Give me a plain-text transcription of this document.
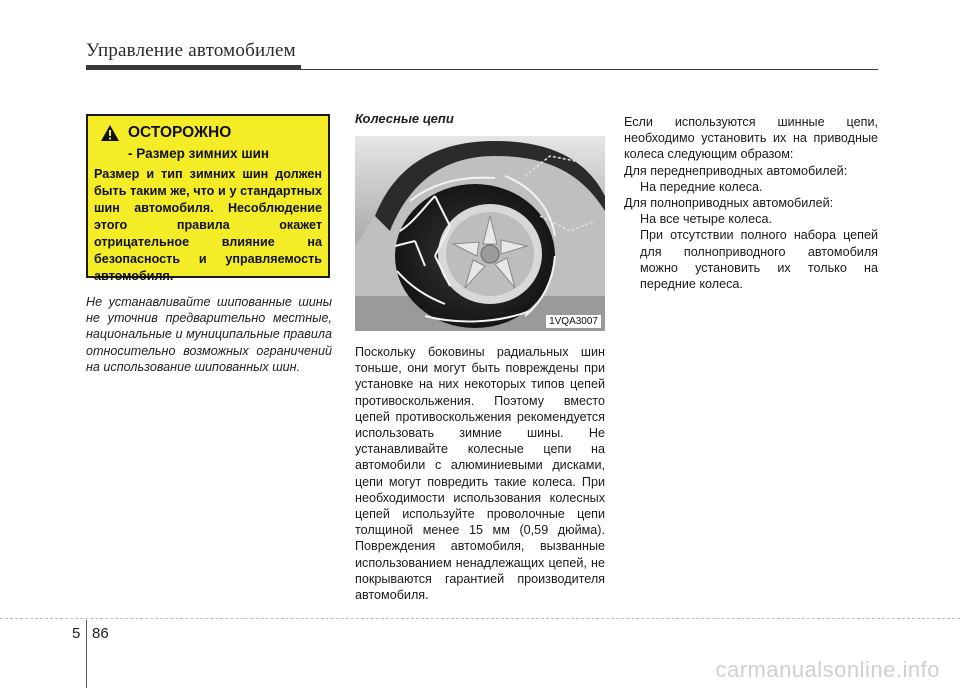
Управление автомобилем
ОСТОРОЖНО
- Размер зимних шин
Размер и тип зимних шин должен быть таким же, что и у стандартных шин автомобиля. Несоблюдение этого правила окажет отрицательное влияние на безопасность и управляемость автомобиля.
Не устанавливайте шипованные шины не уточнив предварительно местные, национальные и муниципальные правила относительно возможных ограничений на использование шипованных шин.
Колесные цепи
1VQA3007
Поскольку боковины радиальных шин тоньше, они могут быть повреждены при установке на них некоторых типов цепей противоскольжения. Поэтому вместо цепей противоскольжения рекомендуется использовать зимние шины. Не устанавливайте колесные цепи на автомобили с алюминиевыми дисками, цепи могут повредить такие колеса. При необходимости использования колесных цепей используйте проволочные цепи толщиной менее 15 мм (0,59 дюйма). Повреждения автомобиля, вызванные использованием ненадлежащих цепей, не покрываются гарантией производителя автомобиля.

Если используются шинные цепи, необходимо установить их на приводные колеса следующим образом:

Для переднеприводных автомобилей:

На передние колеса.

Для полноприводных автомобилей:

На все четыре колеса.

При отсутствии полного набора цепей для полноприводного автомобиля можно установить их только на передние колеса.

5 86
carmanualsonline.info
